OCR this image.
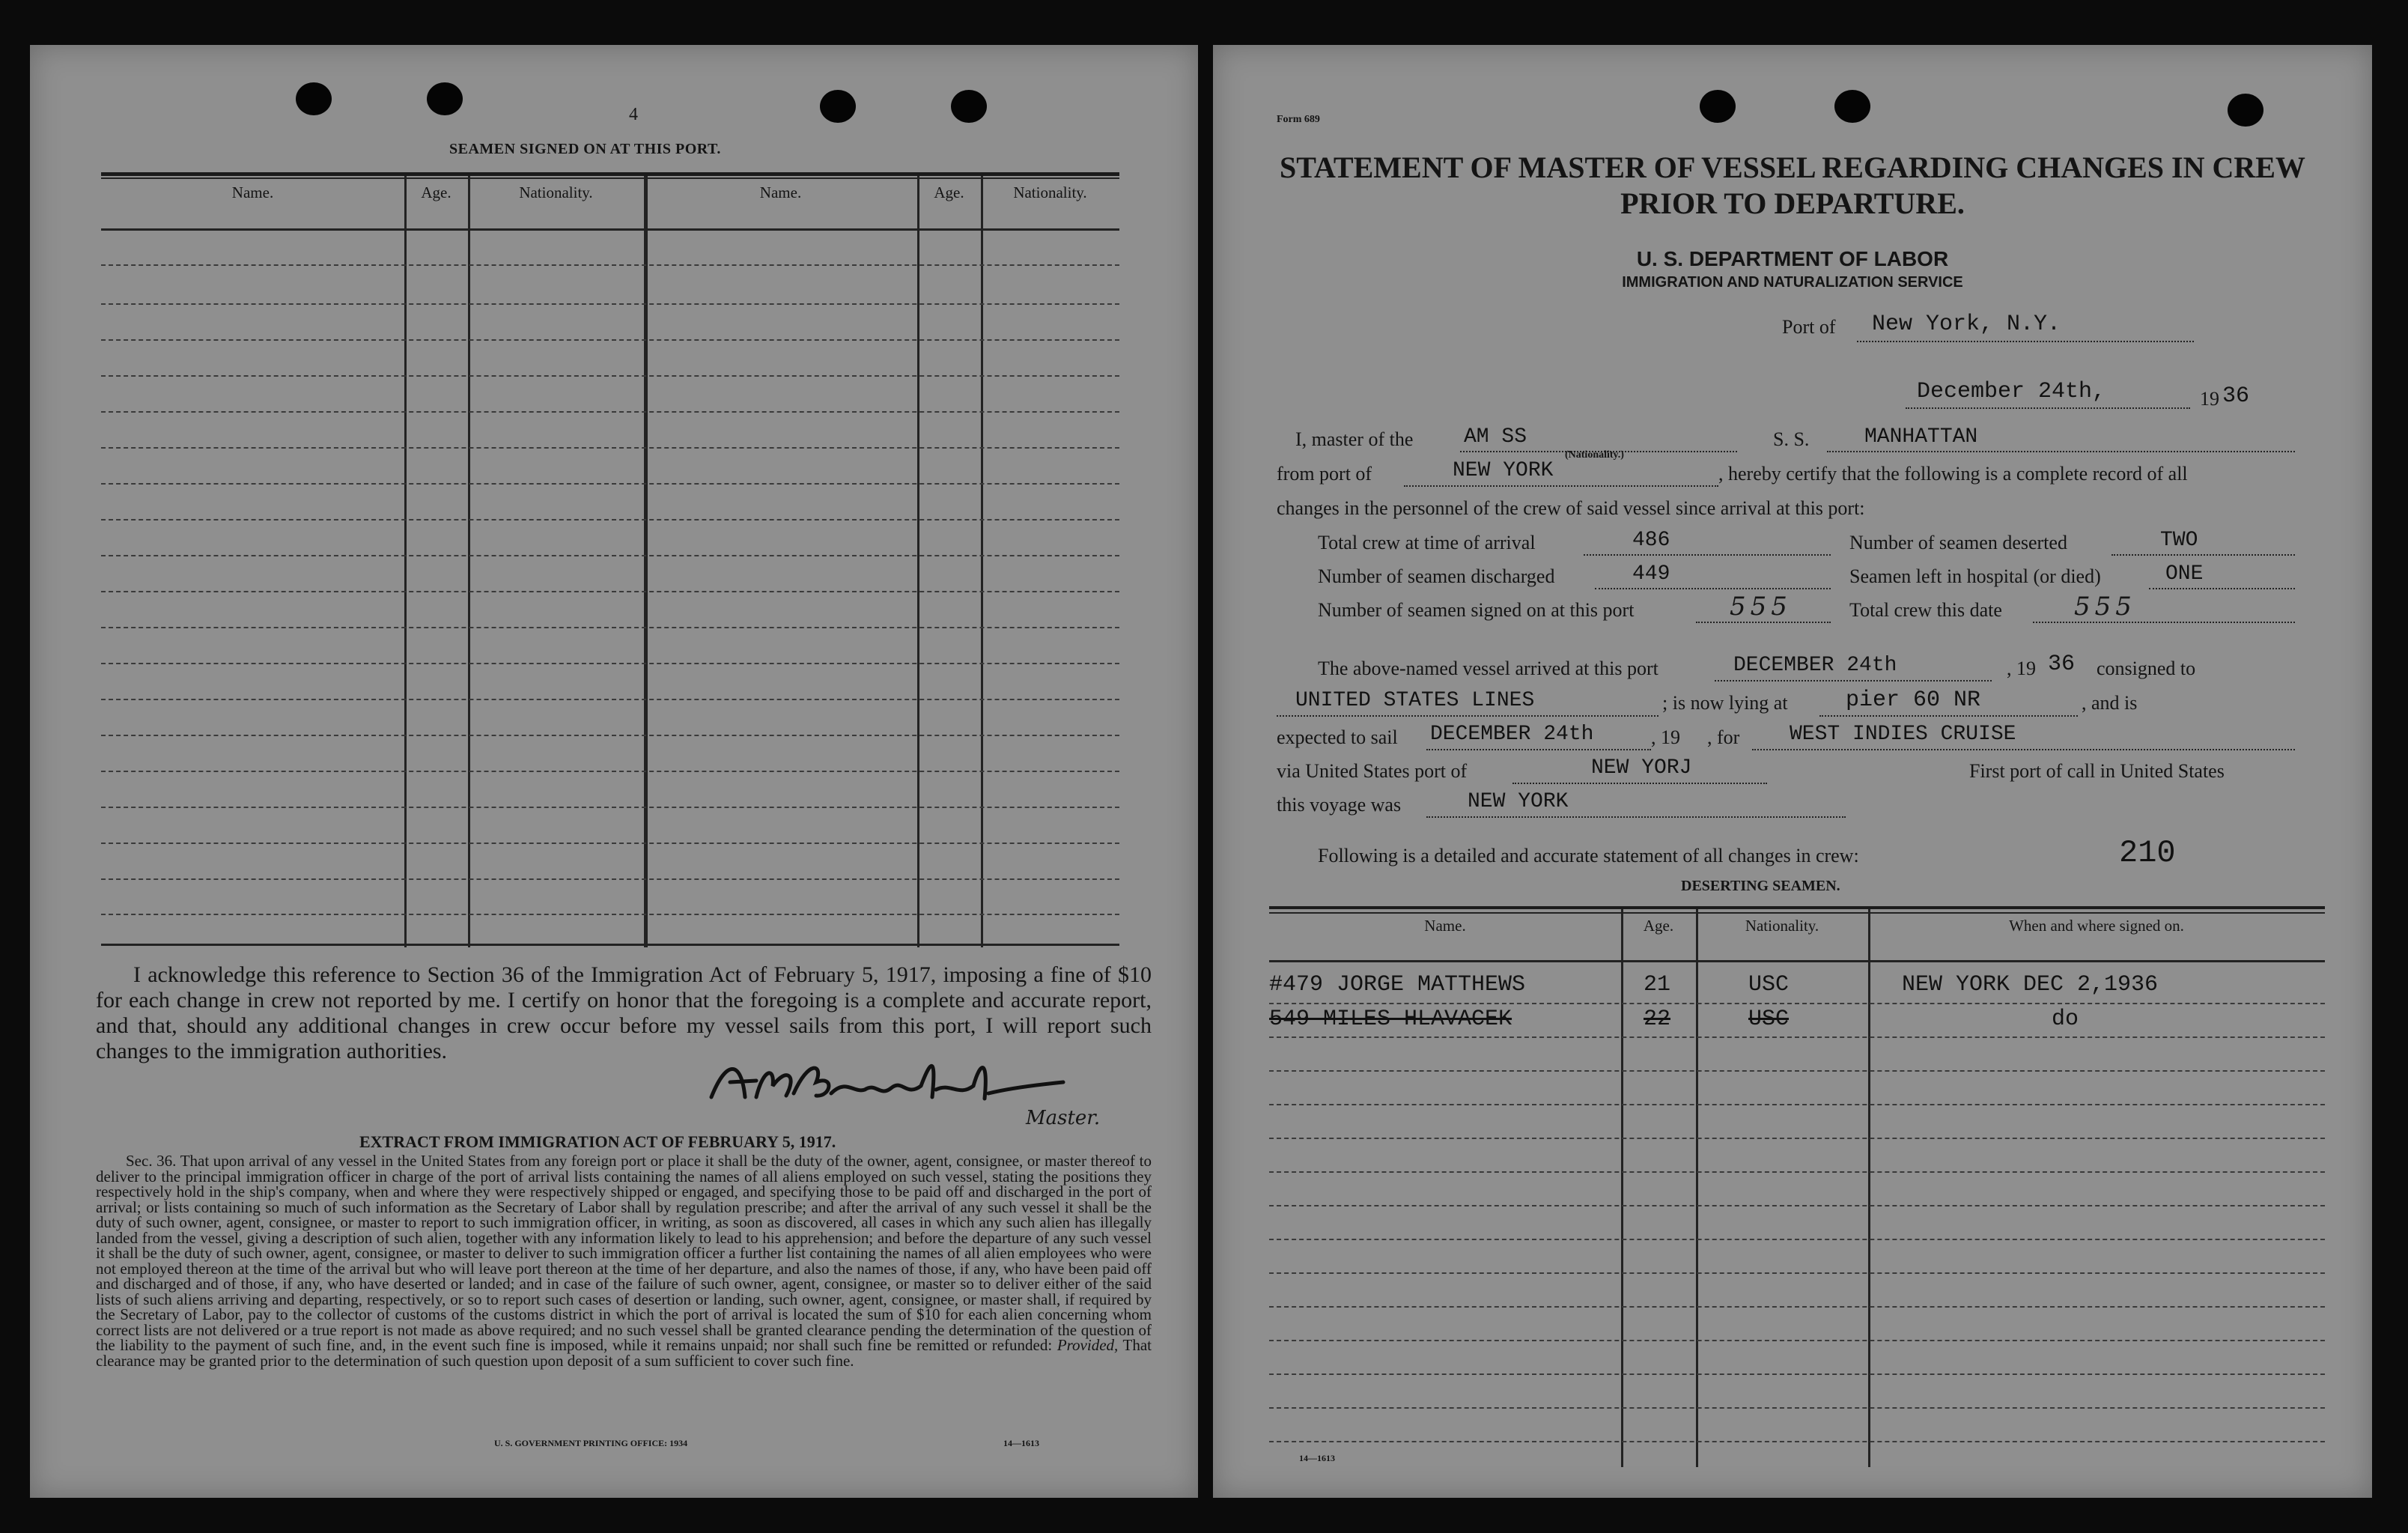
4
SEAMEN SIGNED ON AT THIS PORT.
Name.	Age.	Nationality.	Name.	Age.	Nationality.
I acknowledge this reference to Section 36 of the Immigration Act of February 5, 1917, imposing a fine of $10 for each change in crew not reported by me. I certify on honor that the foregoing is a complete and accurate report, and that, should any additional changes in crew occur before my vessel sails from this port, I will report such changes to the immigration authorities.
Master.
EXTRACT FROM IMMIGRATION ACT OF FEBRUARY 5, 1917.
Sec. 36. That upon arrival of any vessel in the United States from any foreign port or place it shall be the duty of the owner, agent, consignee, or master thereof to deliver to the principal immigration officer in charge of the port of arrival lists containing the names of all aliens employed on such vessel, stating the positions they respectively hold in the ship's company, when and where they were respectively shipped or engaged, and specifying those to be paid off and discharged in the port of arrival; or lists containing so much of such information as the Secretary of Labor shall by regulation prescribe; and after the arrival of any such vessel it shall be the duty of such owner, agent, consignee, or master to report to such immigration officer, in writing, as soon as discovered, all cases in which any such alien has illegally landed from the vessel, giving a description of such alien, together with any information likely to lead to his apprehension; and before the departure of any such vessel it shall be the duty of such owner, agent, consignee, or master to deliver to such immigration officer a further list containing the names of all alien employees who were not employed thereon at the time of the arrival but who will leave port thereon at the time of her departure, and also the names of those, if any, who have been paid off and discharged and of those, if any, who have deserted or landed; and in case of the failure of such owner, agent, consignee, or master so to deliver either of the said lists of such aliens arriving and departing, respectively, or so to report such cases of desertion or landing, such owner, agent, consignee, or master shall, if required by the Secretary of Labor, pay to the collector of customs of the customs district in which the port of arrival is located the sum of $10 for each alien concerning whom correct lists are not delivered or a true report is not made as above required; and no such vessel shall be granted clearance pending the determination of the question of the liability to the payment of such fine, and, in the event such fine is imposed, while it remains unpaid; nor shall such fine be remitted or refunded: Provided, That clearance may be granted prior to the determination of such question upon deposit of a sum sufficient to cover such fine.
U. S. GOVERNMENT PRINTING OFFICE: 1934	14—1613
Form 689
STATEMENT OF MASTER OF VESSEL REGARDING CHANGES IN CREW
PRIOR TO DEPARTURE.
U. S. DEPARTMENT OF LABOR
IMMIGRATION AND NATURALIZATION SERVICE
Port of New York, N.Y.
December 24th,	19 36
I, master of the AM SS
(Nationality.)
S. S.	MANHATTAN
from port of	NEW YORK	, hereby certify that the following is a complete record of all
changes in the personnel of the crew of said vessel since arrival at this port:
Total crew at time of arrival	486	Number of seamen deserted	TWO
Number of seamen discharged	449	Seamen left in hospital (or died)	ONE
Number of seamen signed on at this port	555	Total crew this date	555
The above-named vessel arrived at this port	DECEMBER 24th	, 19 36 consigned to
UNITED STATES LINES	; is now lying at	pier 60 NR	, and is
expected to sail DECEMBER 24th	, 19 , for WEST INDIES CRUISE
via United States port of	NEW YORJ	First port of call in United States
this voyage was	NEW YORK
Following is a detailed and accurate statement of all changes in crew:	210
DESERTING SEAMEN.
Name.	Age.	Nationality.	When and where signed on.
#479 JORGE MATTHEWS	21	USC	NEW YORK DEC 2,1936
549 MILES HLAVACEK	22	USC	do
14—1613
